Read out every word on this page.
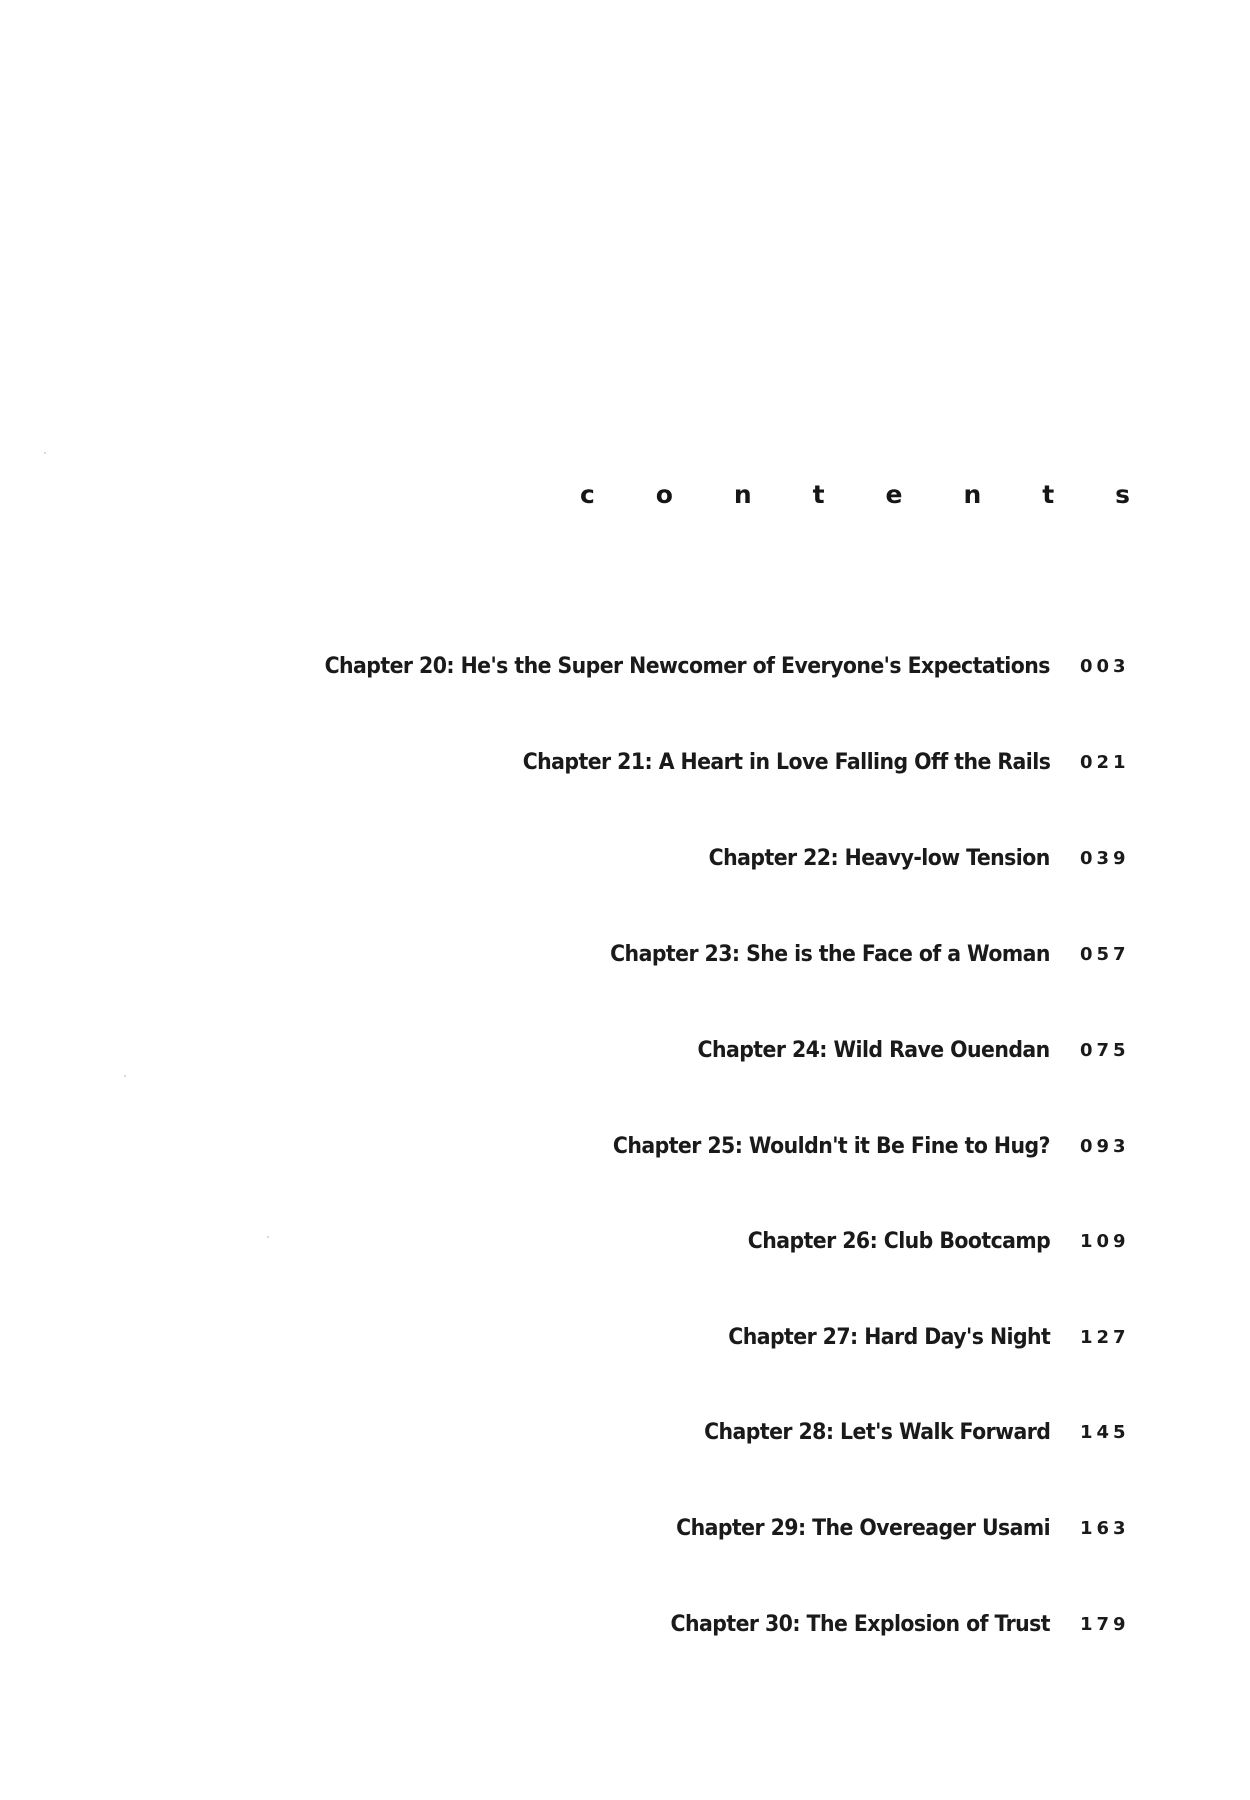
c o n t e n t s
Chapter 20: He's the Super Newcomer of Everyone's Expectations 003
Chapter 21: A Heart in Love Falling Off the Rails 021
Chapter 22: Heavy-low Tension 039
Chapter 23: She is the Face of a Woman 057
Chapter 24: Wild Rave Ouendan 075
Chapter 25: Wouldn't it Be Fine to Hug? 093
Chapter 26: Club Bootcamp 109
Chapter 27: Hard Day's Night 127
Chapter 28: Let's Walk Forward 145
Chapter 29: The Overeager Usami 163
Chapter 30: The Explosion of Trust 179
